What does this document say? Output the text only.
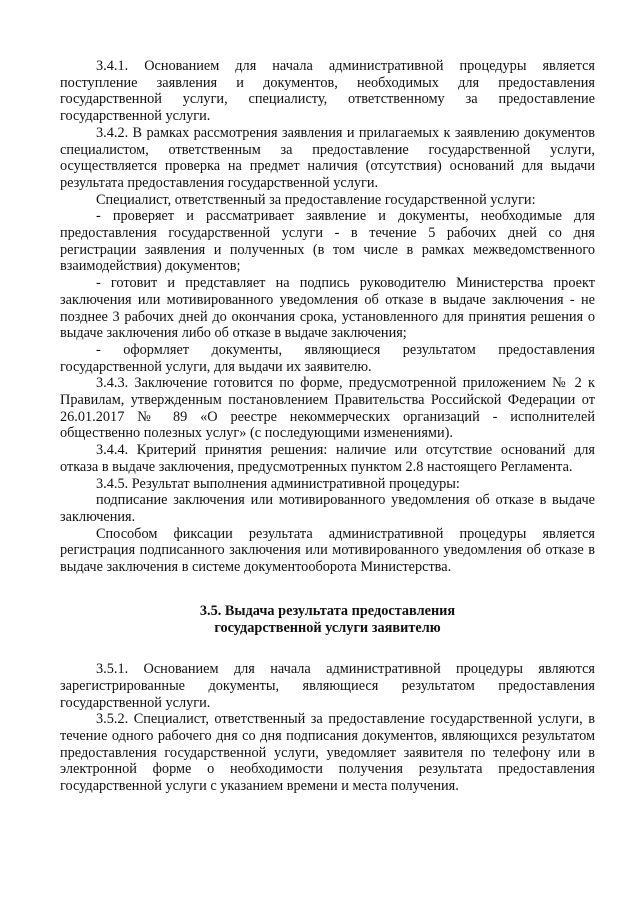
3.4.1. Основанием для начала административной процедуры является поступление заявления и документов, необходимых для предоставления государственной услуги, специалисту, ответственному за предоставление государственной услуги.

3.4.2. В рамках рассмотрения заявления и прилагаемых к заявлению документов специалистом, ответственным за предоставление государственной услуги, осуществляется проверка на предмет наличия (отсутствия) оснований для выдачи результата предоставления государственной услуги.

Специалист, ответственный за предоставление государственной услуги:

- проверяет и рассматривает заявление и документы, необходимые для предоставления государственной услуги - в течение 5 рабочих дней со дня регистрации заявления и полученных (в том числе в рамках межведомственного взаимодействия) документов;

- готовит и представляет на подпись руководителю Министерства проект заключения или мотивированного уведомления об отказе в выдаче заключения - не позднее 3 рабочих дней до окончания срока, установленного для принятия решения о выдаче заключения либо об отказе в выдаче заключения;

- оформляет документы, являющиеся результатом предоставления государственной услуги, для выдачи их заявителю.

3.4.3. Заключение готовится по форме, предусмотренной приложением № 2 к Правилам, утвержденным постановлением Правительства Российской Федерации от 26.01.2017 № 89 «О реестре некоммерческих организаций - исполнителей общественно полезных услуг» (с последующими изменениями).

3.4.4. Критерий принятия решения: наличие или отсутствие оснований для отказа в выдаче заключения, предусмотренных пунктом 2.8 настоящего Регламента.

3.4.5. Результат выполнения административной процедуры:

подписание заключения или мотивированного уведомления об отказе в выдаче заключения.

Способом фиксации результата административной процедуры является регистрация подписанного заключения или мотивированного уведомления об отказе в выдаче заключения в системе документооборота Министерства.

3.5. Выдача результата предоставления
государственной услуги заявителю

3.5.1. Основанием для начала административной процедуры являются зарегистрированные документы, являющиеся результатом предоставления государственной услуги.

3.5.2. Специалист, ответственный за предоставление государственной услуги, в течение одного рабочего дня со дня подписания документов, являющихся результатом предоставления государственной услуги, уведомляет заявителя по телефону или в электронной форме о необходимости получения результата предоставления государственной услуги с указанием времени и места получения.
